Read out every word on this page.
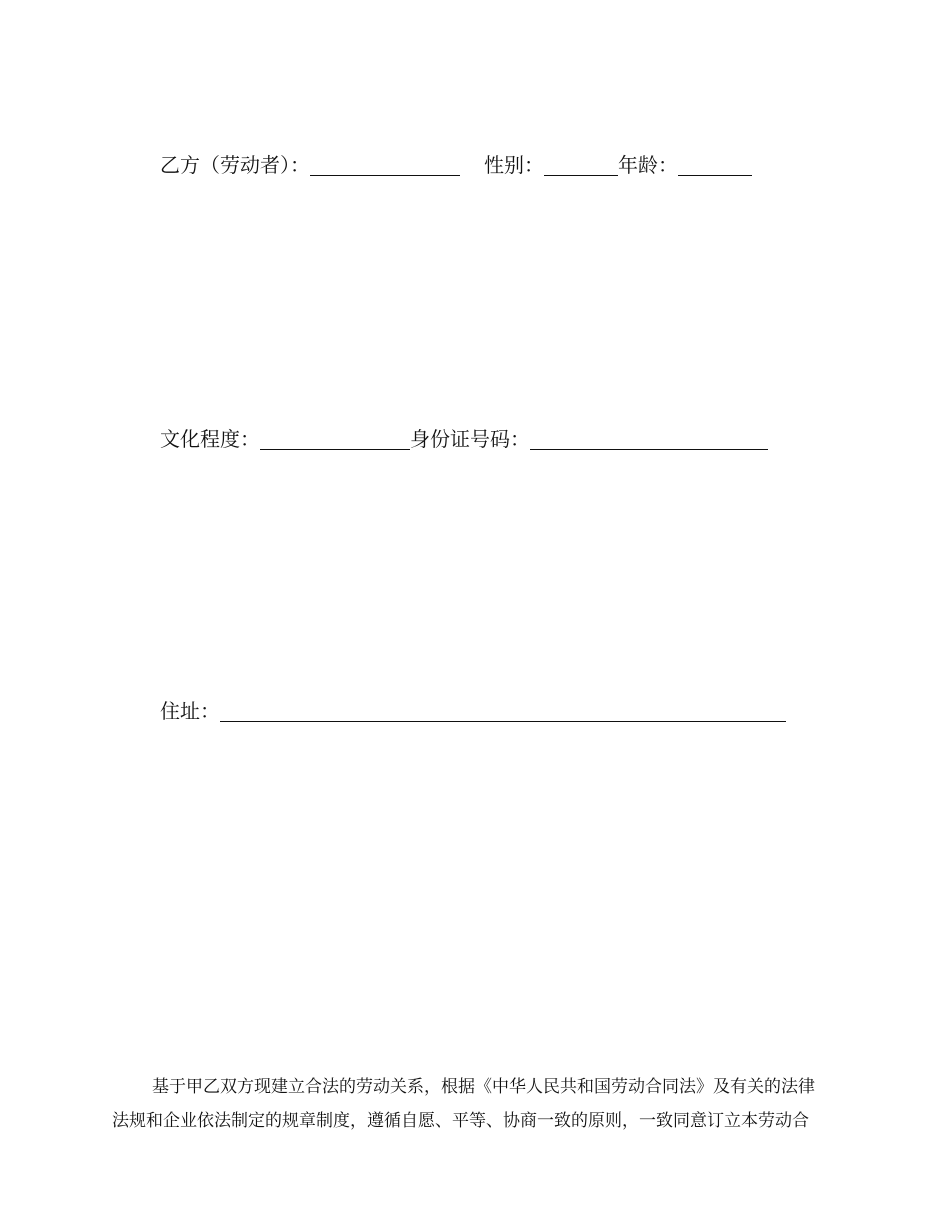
乙方（劳动者）：	性别：	年龄：
文化程度：	身份证号码：
住址：
基于甲乙双方现建立合法的劳动关系，根据《中华人民共和国劳动合同法》及有关的法律
法规和企业依法制定的规章制度，遵循自愿、平等、协商一致的原则，一致同意订立本劳动合
